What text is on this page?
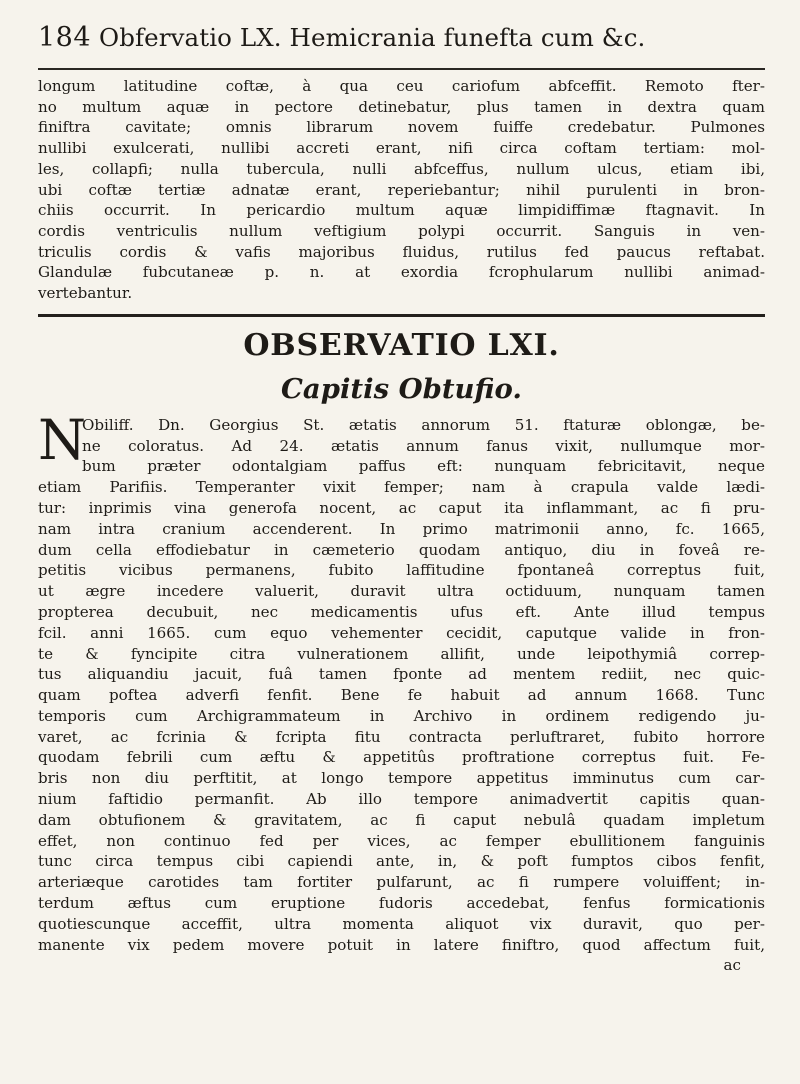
184 Obfervatio LX. Hemicrania funefta cum &c.
longum latitudine coftæ, à qua ceu cariofum abfceffit. Remoto fter-
no multum aquæ in pectore detinebatur, plus tamen in dextra quam
finiftra cavitate; omnis librarum novem fuiffe credebatur. Pulmones
nullibi exulcerati, nullibi accreti erant, nifi circa coftam tertiam: mol-
les, collapfi; nulla tubercula, nulli abfceffus, nullum ulcus, etiam ibi,
ubi coftæ tertiæ adnatæ erant, reperiebantur; nihil purulenti in bron-
chiis occurrit. In pericardio multum aquæ limpidiffimæ ftagnavit. In
cordis ventriculis nullum veftigium polypi occurrit. Sanguis in ven-
triculis cordis & vafis majoribus fluidus, rutilus fed paucus reftabat.
Glandulæ fubcutaneæ p. n. at exordia fcrophularum nullibi animad-
vertebantur.
OBSERVATIO LXI.
Capitis Obtufio.
N
Obiliff. Dn. Georgius St. ætatis annorum 51. ftaturæ oblongæ, be-
ne coloratus. Ad 24. ætatis annum fanus vixit, nullumque mor-
bum præter odontalgiam paffus eft: nunquam febricitavit, neque
etiam Parifiis. Temperanter vixit femper; nam à crapula valde lædi-
tur: inprimis vina generofa nocent, ac caput ita inflammant, ac fi pru-
nam intra cranium accenderent. In primo matrimonii anno, fc. 1665,
dum cella effodiebatur in cæmeterio quodam antiquo, diu in foveâ re-
petitis vicibus permanens, fubito laffitudine fpontaneâ correptus fuit,
ut ægre incedere valuerit, duravit ultra octiduum, nunquam tamen
propterea decubuit, nec medicamentis ufus eft. Ante illud tempus
fcil. anni 1665. cum equo vehementer cecidit, caputque valide in fron-
te & fyncipite citra vulnerationem allifit, unde leipothymiâ correp-
tus aliquandiu jacuit, fuâ tamen fponte ad mentem rediit, nec quic-
quam poftea adverfi fenfit. Bene fe habuit ad annum 1668. Tunc
temporis cum Archigrammateum in Archivo in ordinem redigendo ju-
varet, ac fcrinia & fcripta fitu contracta perluftraret, fubito horrore
quodam febrili cum æftu & appetitûs proftratione correptus fuit. Fe-
bris non diu perftitit, at longo tempore appetitus imminutus cum car-
nium faftidio permanfit. Ab illo tempore animadvertit capitis quan-
dam obtufionem & gravitatem, ac fi caput nebulâ quadam impletum
effet, non continuo fed per vices, ac femper ebullitionem fanguinis
tunc circa tempus cibi capiendi ante, in, & poft fumptos cibos fenfit,
arteriæque carotides tam fortiter pulfarunt, ac fi rumpere voluiffent; in-
terdum æftus cum eruptione fudoris accedebat, fenfus formicationis
quotiescunque acceffit, ultra momenta aliquot vix duravit, quo per-
manente vix pedem movere potuit in latere finiftro, quod affectum fuit,
ac
